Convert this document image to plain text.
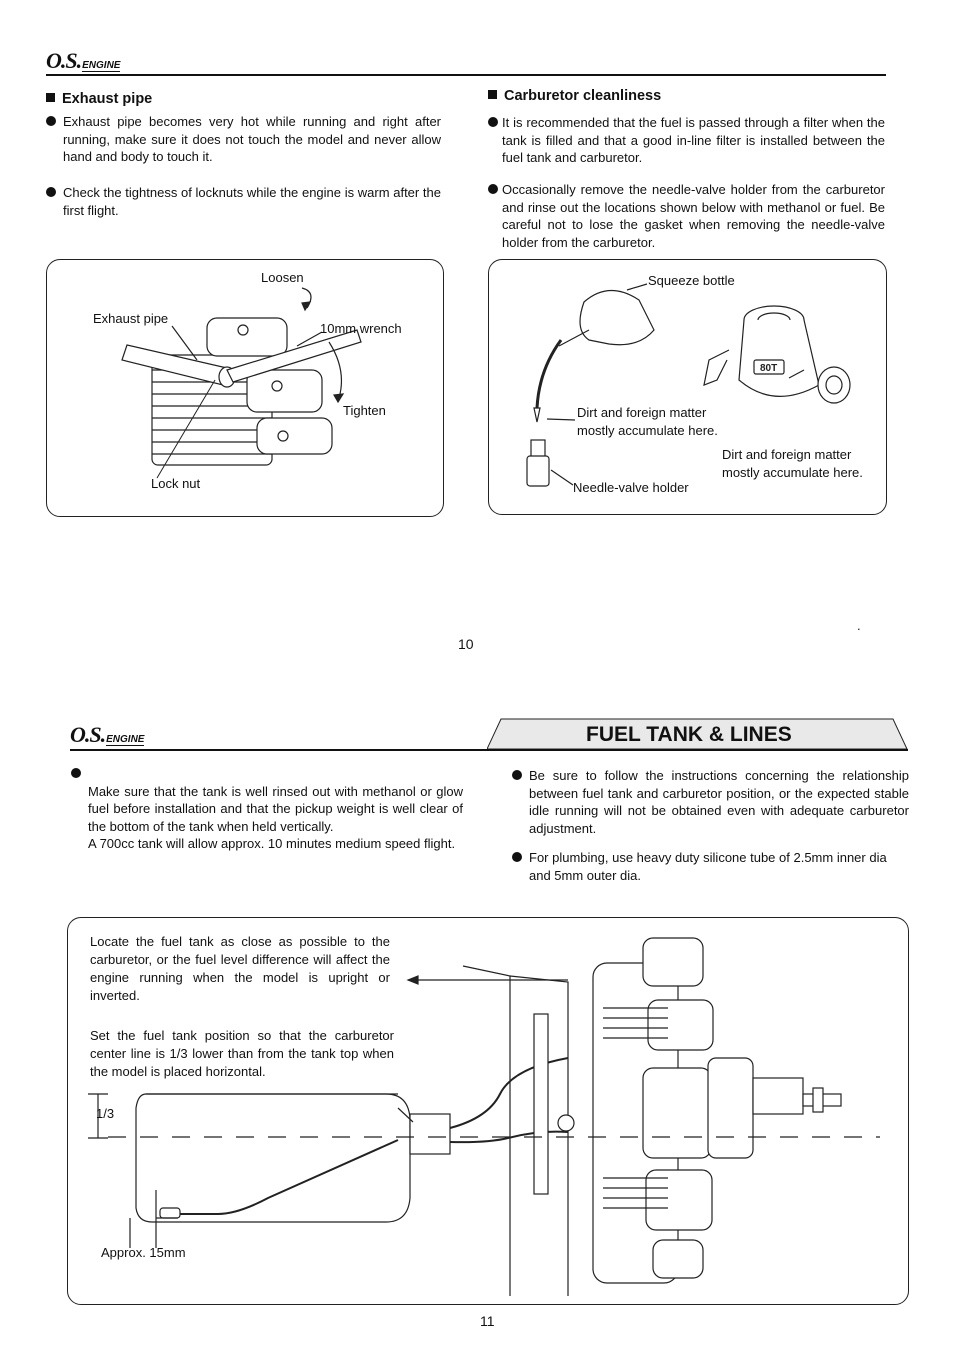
O.S.ENGINE
Exhaust pipe
Exhaust pipe becomes very hot while running and right after running, make sure it does not touch the model and never allow hand and body to touch it.
Check the tightness of locknuts while the engine is warm after the first flight.
Carburetor cleanliness
It is recommended that the fuel is passed through a filter when the tank is filled and that a good in-line filter is installed between the fuel tank and carburetor.
Occasionally remove the needle-valve holder from the carburetor and rinse out the locations shown below with methanol or fuel. Be careful not to lose the gasket when removing the needle-valve holder from the carburetor.
Loosen
Exhaust pipe
10mm wrench
Tighten
Lock nut
80T
Squeeze bottle
Dirt and foreign matter
mostly accumulate here.
Dirt and foreign matter
mostly accumulate here.
Needle-valve holder
.
10
O.S.ENGINE	FUEL TANK & LINES

Make sure that the tank is well rinsed out with methanol or glow fuel before installation and that the pickup weight is well clear of the bottom of the tank when held vertically.
A 700cc tank will allow approx. 10 minutes medium speed flight.

Be sure to follow the instructions concerning the relationship between fuel tank and carburetor position, or the expected stable idle running will not be obtained even with adequate carburetor adjustment.
For plumbing, use heavy duty silicone tube of 2.5mm inner dia and 5mm outer dia.
Locate the fuel tank as close as possible to the carburetor, or the fuel level difference will affect the engine running when the model is upright or inverted.
Set the fuel tank position so that the carburetor center line is 1/3 lower than from the tank top when the model is placed horizontal.
1/3
Approx. 15mm
11
